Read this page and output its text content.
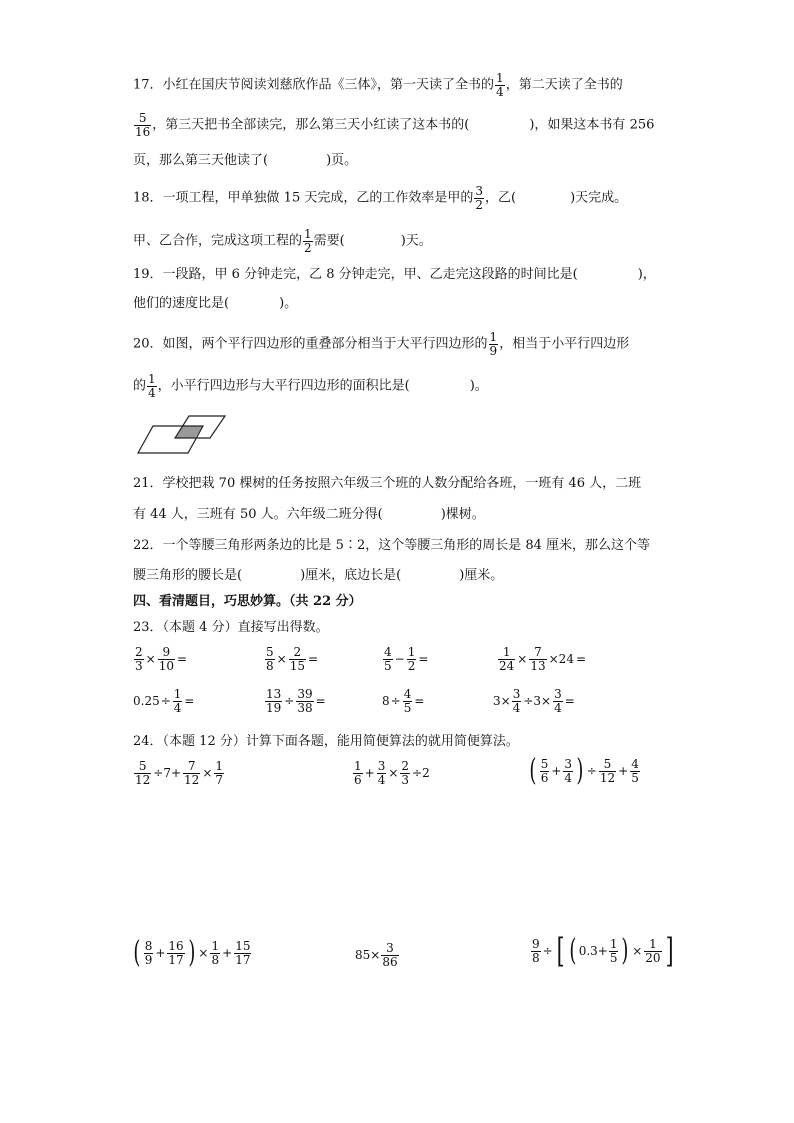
17．小红在国庆节阅读刘慈欣作品《三体》，第一天读了全书的 $\frac{1}{4}$ ，第二天读了全书的
$\frac{5}{16}$ ，第三天把书全部读完，那么第三天小红读了这本书的(	)，如果这本书有 256
页，那么第三天他读了(	)页。
18．一项工程，甲单独做 15 天完成，乙的工作效率是甲的 $\frac{3}{2}$ ，乙(	)天完成。
甲、乙合作，完成这项工程的 $\frac{1}{2}$ 需要(	)天。
19．一段路，甲 6 分钟走完，乙 8 分钟走完，甲、乙走完这段路的时间比是(	)，
他们的速度比是(	)。
20．如图，两个平行四边形的重叠部分相当于大平行四边形的 $\frac{1}{9}$ ，相当于小平行四边形
的 $\frac{1}{4}$ ，小平行四边形与大平行四边形的面积比是(	)。
21．学校把栽 70 棵树的任务按照六年级三个班的人数分配给各班，一班有 46 人，二班
有 44 人，三班有 50 人。六年级二班分得(	)棵树。
22．一个等腰三角形两条边的比是 5∶2，这个等腰三角形的周长是 84 厘米，那么这个等
腰三角形的腰长是(	)厘米，底边长是(	)厘米。
四、看清题目，巧思妙算。（共 22 分）
23．（本题 4 分）直接写出得数。
$\frac{2}{3} \times \frac{9}{10}$ =	$\frac{5}{8} \times \frac{2}{15}$ =	$\frac{4}{5} - \frac{1}{2}$ =	$\frac{1}{24} \times \frac{7}{13} \times 24$ =
$0.25 \div \frac{1}{4}$ =	$\frac{13}{19} \div \frac{39}{38}$ =	$8 \div \frac{4}{5}$ =	$3\times \frac{3}{4} \div 3\times \frac{3}{4}$ =
24．（本题 12 分）计算下面各题，能用简便算法的就用简便算法。
$\frac{5}{12} \div 7+ \frac{7}{12} \times \frac{1}{7}$	$\frac{1}{6} + \frac{3}{4} \times \frac{2}{3} \div 2$	( $\frac{5}{6} + \frac{3}{4}$ ) ÷ $\frac{5}{12} + \frac{4}{5}$
( $\frac{8}{9} + \frac{16}{17}$ ) × $\frac{1}{8} + \frac{15}{17}$	$85\times \frac{3}{86}$	$\frac{9}{8}$ ÷ [ ( $0.3+ \frac{1}{5}$ ) × $\frac{1}{20}$ ]
